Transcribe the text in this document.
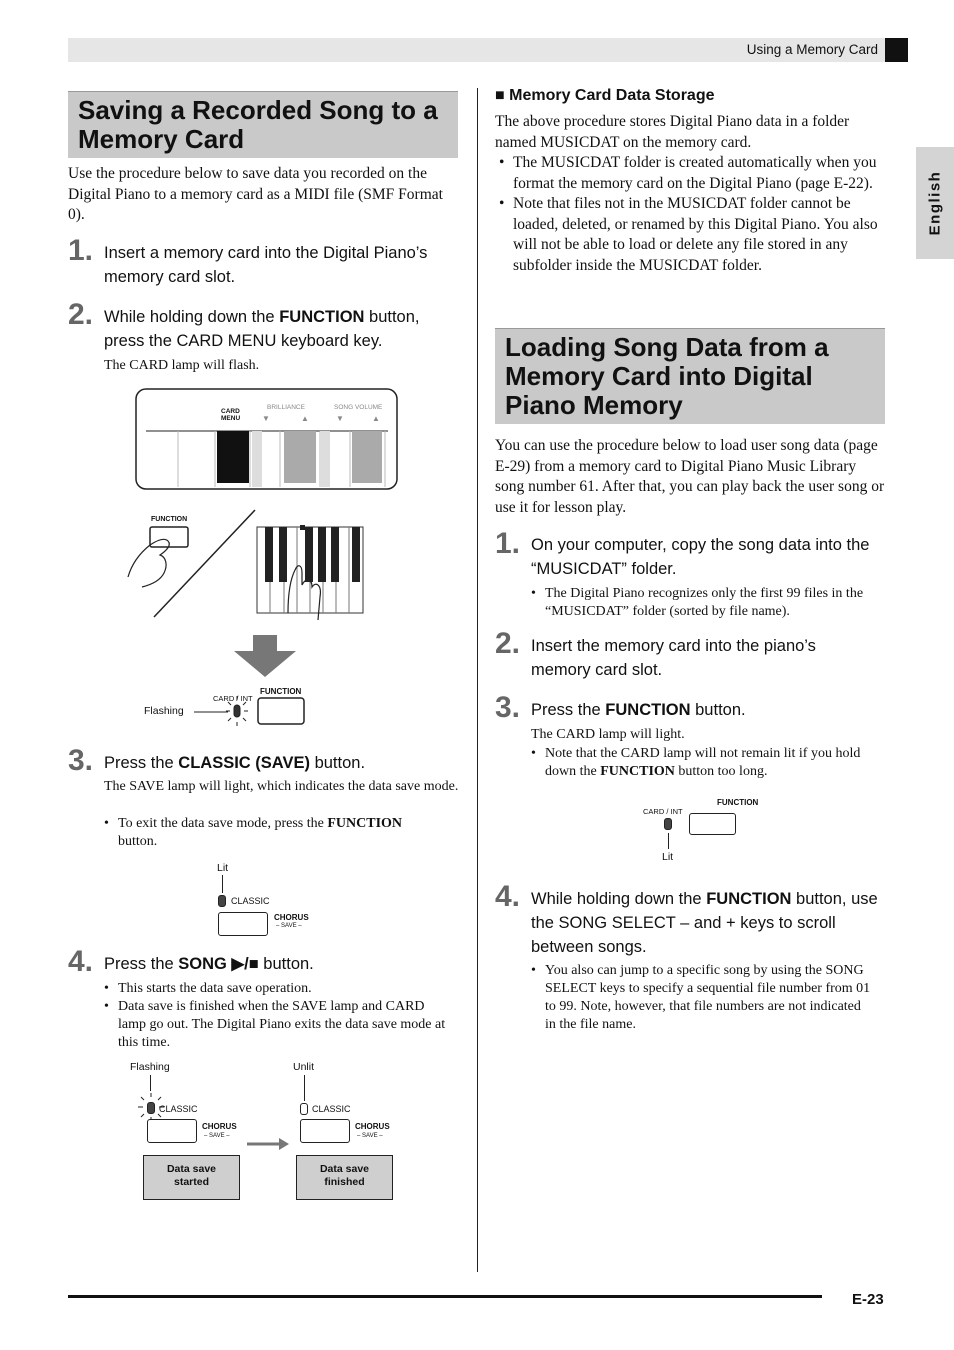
Using a Memory Card
English
Saving a Recorded Song to a
Memory Card
Use the procedure below to save data you recorded on the Digital Piano to a memory card as a MIDI file (SMF Format 0).
1. Insert a memory card into the Digital Piano’s memory card slot.
2. While holding down the FUNCTION button, press the CARD MENU keyboard key.
The CARD lamp will flash.
CARD
MENU
BRILLIANCE	SONG VOLUME
▼	▲	▼	▲
FUNCTION
FUNCTION
CARD / INT
Flashing
3. Press the CLASSIC (SAVE) button.
The SAVE lamp will light, which indicates the data save mode.
• To exit the data save mode, press the FUNCTION button.
Lit
CLASSIC
CHORUS
– SAVE –
4. Press the SONG ▶/■ button.
• This starts the data save operation.
• Data save is finished when the SAVE lamp and CARD lamp go out. The Digital Piano exits the data save mode at this time.
Flashing
CLASSIC
CHORUS
– SAVE –
Unlit
CLASSIC
CHORUS
– SAVE –
Data save
started
Data save
finished
■ Memory Card Data Storage
The above procedure stores Digital Piano data in a folder named MUSICDAT on the memory card.
• The MUSICDAT folder is created automatically when you format the memory card on the Digital Piano (page E-22).
• Note that files not in the MUSICDAT folder cannot be loaded, deleted, or renamed by this Digital Piano. You also will not be able to load or delete any file stored in any subfolder inside the MUSICDAT folder.
Loading Song Data from a
Memory Card into Digital
Piano Memory
You can use the procedure below to load user song data (page E-29) from a memory card to Digital Piano Music Library song number 61. After that, you can play back the user song or use it for lesson play.
1. On your computer, copy the song data into the “MUSICDAT” folder.
• The Digital Piano recognizes only the first 99 files in the “MUSICDAT” folder (sorted by file name).
2. Insert the memory card into the piano’s memory card slot.
3. Press the FUNCTION button.
The CARD lamp will light.
• Note that the CARD lamp will not remain lit if you hold down the FUNCTION button too long.
CARD / INT
FUNCTION
Lit
4. While holding down the FUNCTION button, use the SONG SELECT – and + keys to scroll between songs.
• You also can jump to a specific song by using the SONG SELECT keys to specify a sequential file number from 01 to 99. Note, however, that file numbers are not indicated in the file name.
E-23
